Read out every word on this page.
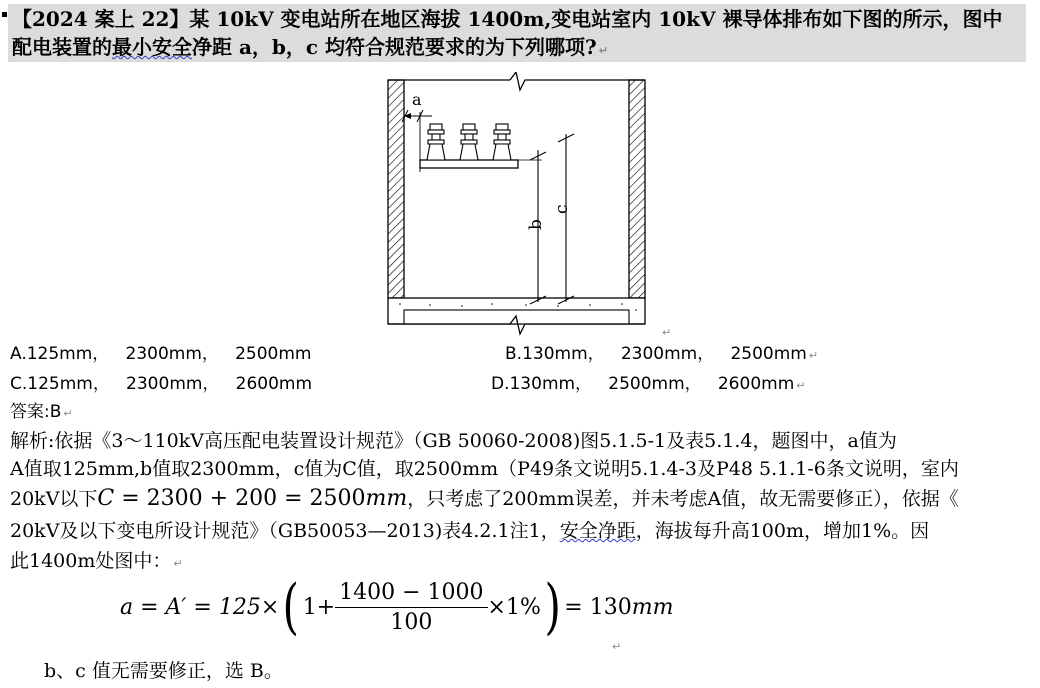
【2024 案上 22】某 10kV 变电站所在地区海拔 1400m,变电站室内 10kV 裸导体排布如下图的所示，图中
配电装置的最小安全净距 a，b，c 均符合规范要求的为下列哪项? ↵
a
b
c
↵
A.125mm，   2300mm，   2500mm	B.130mm，   2300mm，   2500mm ↵
C.125mm，   2300mm，   2600mm	D.130mm，   2500mm，   2600mm ↵
答案:B ↵
解析:依据《3～110kV高压配电装置设计规范》（GB 50060-2008)图5.1.5-1及表5.1.4，题图中，a值为
A值取125mm,b值取2300mm，c值为C值，取2500mm（P49条文说明5.1.4-3及P48 5.1.1-6条文说明，室内
20kV以下C = 2300 + 200 = 2500mm，只考虑了200mm误差，并未考虑A值，故无需要修正），依据《
20kV及以下变电所设计规范》（GB50053—2013)表4.2.1注1，安全净距，海拔每升高100m，增加1%。因
此1400m处图中： ↵
a = A′ = 125× ( $1+ \frac{1400 - 1000}{100} \times 1\%$ ) = 130 mm
↵
b、c 值无需要修正，选 B。
